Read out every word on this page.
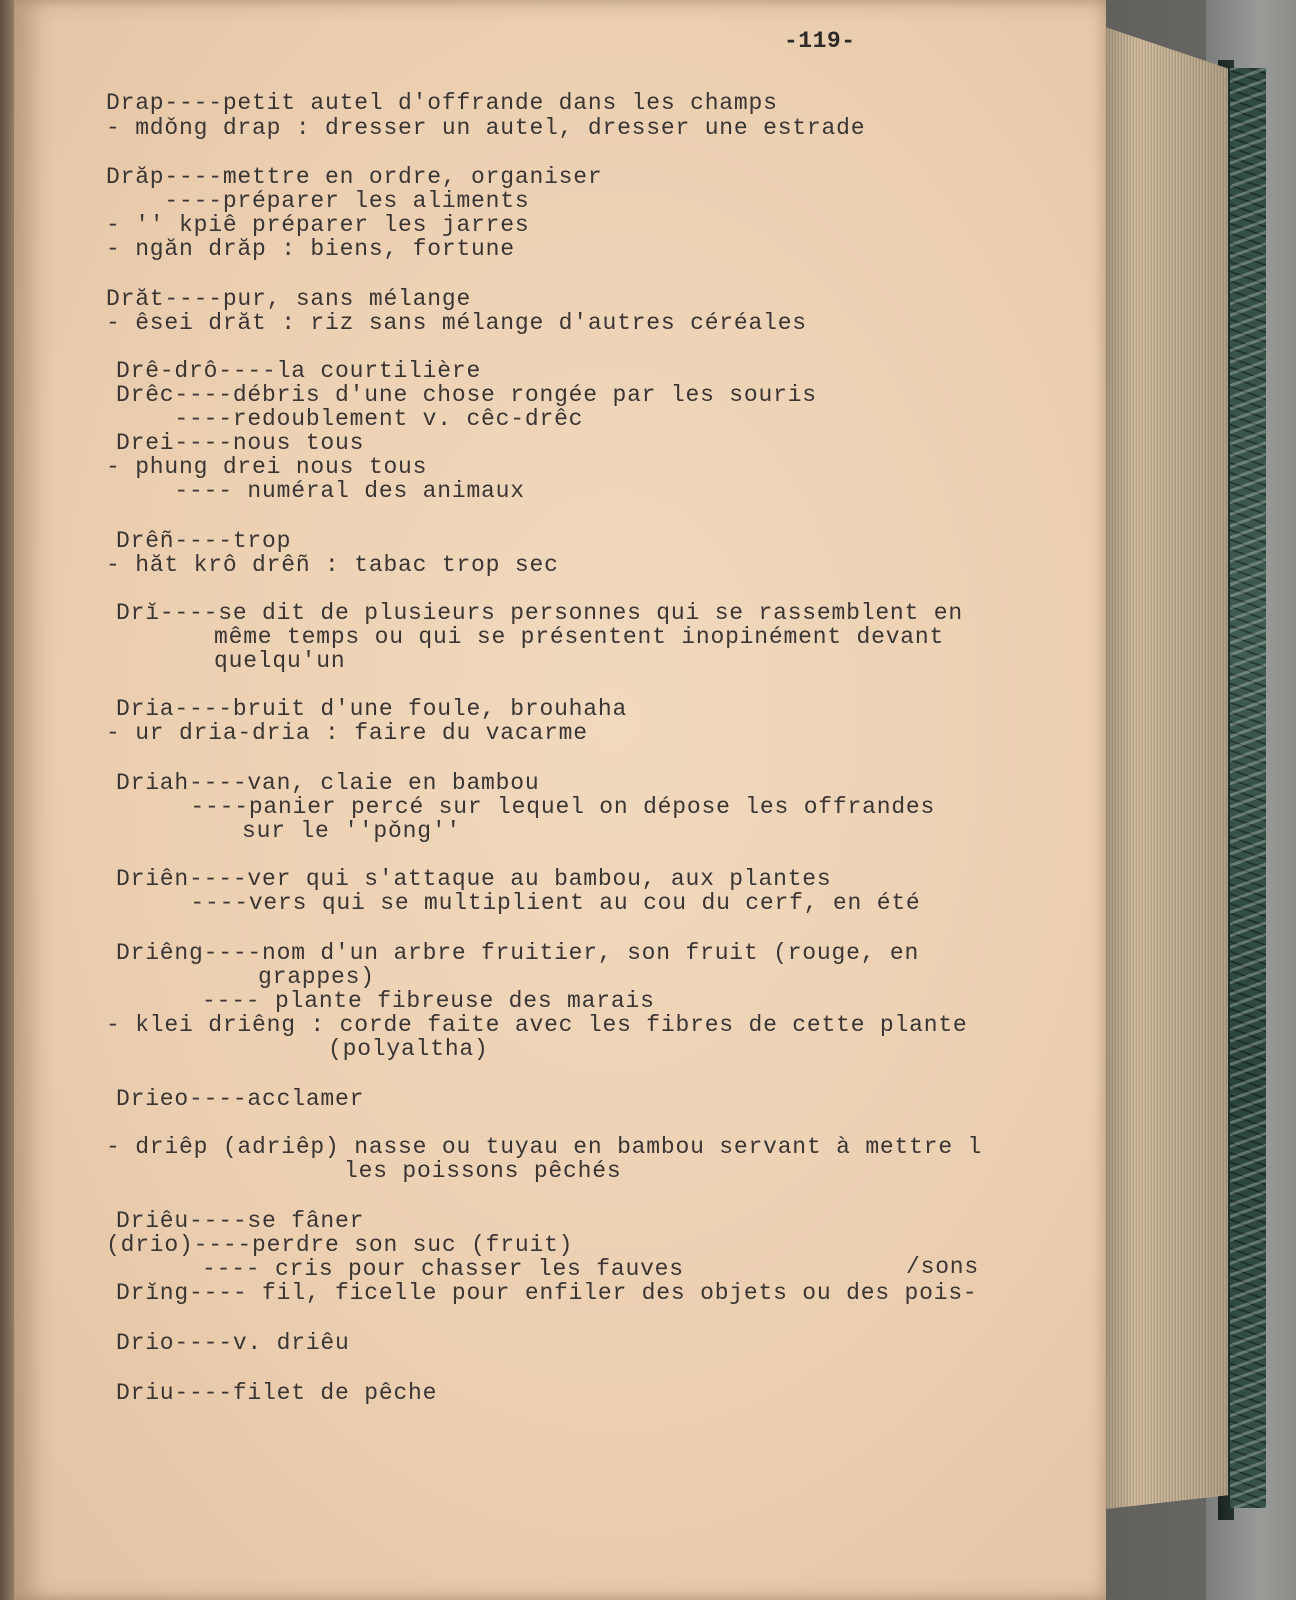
-119-
Drap----petit autel d'offrande dans les champs
- mdǒng drap : dresser un autel, dresser une estrade
Drăp----mettre en ordre, organiser
----préparer les aliments
- '' kpiê préparer les jarres
- ngăn drăp : biens, fortune
Drăt----pur, sans mélange
- êsei drăt : riz sans mélange d'autres céréales
Drê-drô----la courtilière
Drêc----débris d'une chose rongée par les souris
----redoublement v. cêc-drêc
Drei----nous tous
- phung drei nous tous
---- numéral des animaux
Drêñ----trop
- hăt krô drêñ : tabac trop sec
Drĭ----se dit de plusieurs personnes qui se rassemblent en
même temps ou qui se présentent inopinément devant
quelqu'un
Dria----bruit d'une foule, brouhaha
- ur dria-dria : faire du vacarme
Driah----van, claie en bambou
----panier percé sur lequel on dépose les offrandes
sur le ''pǒng''
Driên----ver qui s'attaque au bambou, aux plantes
----vers qui se multiplient au cou du cerf, en été
Driêng----nom d'un arbre fruitier, son fruit (rouge, en
grappes)
---- plante fibreuse des marais
- klei driêng : corde faite avec les fibres de cette plante
(polyaltha)
Drieo----acclamer
- driêp (adriêp) nasse ou tuyau en bambou servant à mettre l
les poissons pêchés
Driêu----se fâner
(drio)----perdre son suc (fruit)
---- cris pour chasser les fauves	/sons
Drĭng---- fil, ficelle pour enfiler des objets ou des pois-
Drio----v. driêu
Driu----filet de pêche
